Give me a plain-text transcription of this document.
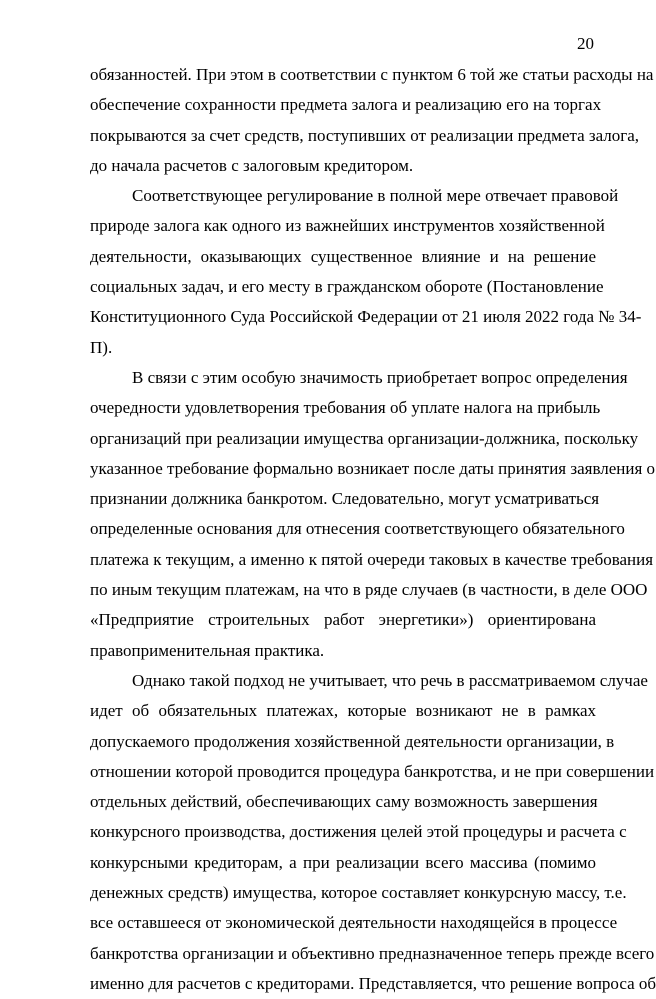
20
обязанностей. При этом в соответствии с пунктом 6 той же статьи расходы на
обеспечение сохранности предмета залога и реализацию его на торгах
покрываются за счет средств, поступивших от реализации предмета залога,
до начала расчетов с залоговым кредитором.
Соответствующее регулирование в полной мере отвечает правовой
природе залога как одного из важнейших инструментов хозяйственной
деятельности, оказывающих существенное влияние и на решение
социальных задач, и его месту в гражданском обороте (Постановление
Конституционного Суда Российской Федерации от 21 июля 2022 года № 34-
П).
В связи с этим особую значимость приобретает вопрос определения
очередности удовлетворения требования об уплате налога на прибыль
организаций при реализации имущества организации-должника, поскольку
указанное требование формально возникает после даты принятия заявления о
признании должника банкротом. Следовательно, могут усматриваться
определенные основания для отнесения соответствующего обязательного
платежа к текущим, а именно к пятой очереди таковых в качестве требования
по иным текущим платежам, на что в ряде случаев (в частности, в деле ООО
«Предприятие строительных работ энергетики») ориентирована
правоприменительная практика.
Однако такой подход не учитывает, что речь в рассматриваемом случае
идет об обязательных платежах, которые возникают не в рамках
допускаемого продолжения хозяйственной деятельности организации, в
отношении которой проводится процедура банкротства, и не при совершении
отдельных действий, обеспечивающих саму возможность завершения
конкурсного производства, достижения целей этой процедуры и расчета с
конкурсными кредиторам, а при реализации всего массива (помимо
денежных средств) имущества, которое составляет конкурсную массу, т.е.
все оставшееся от экономической деятельности находящейся в процессе
банкротства организации и объективно предназначенное теперь прежде всего
именно для расчетов с кредиторами. Представляется, что решение вопроса об
